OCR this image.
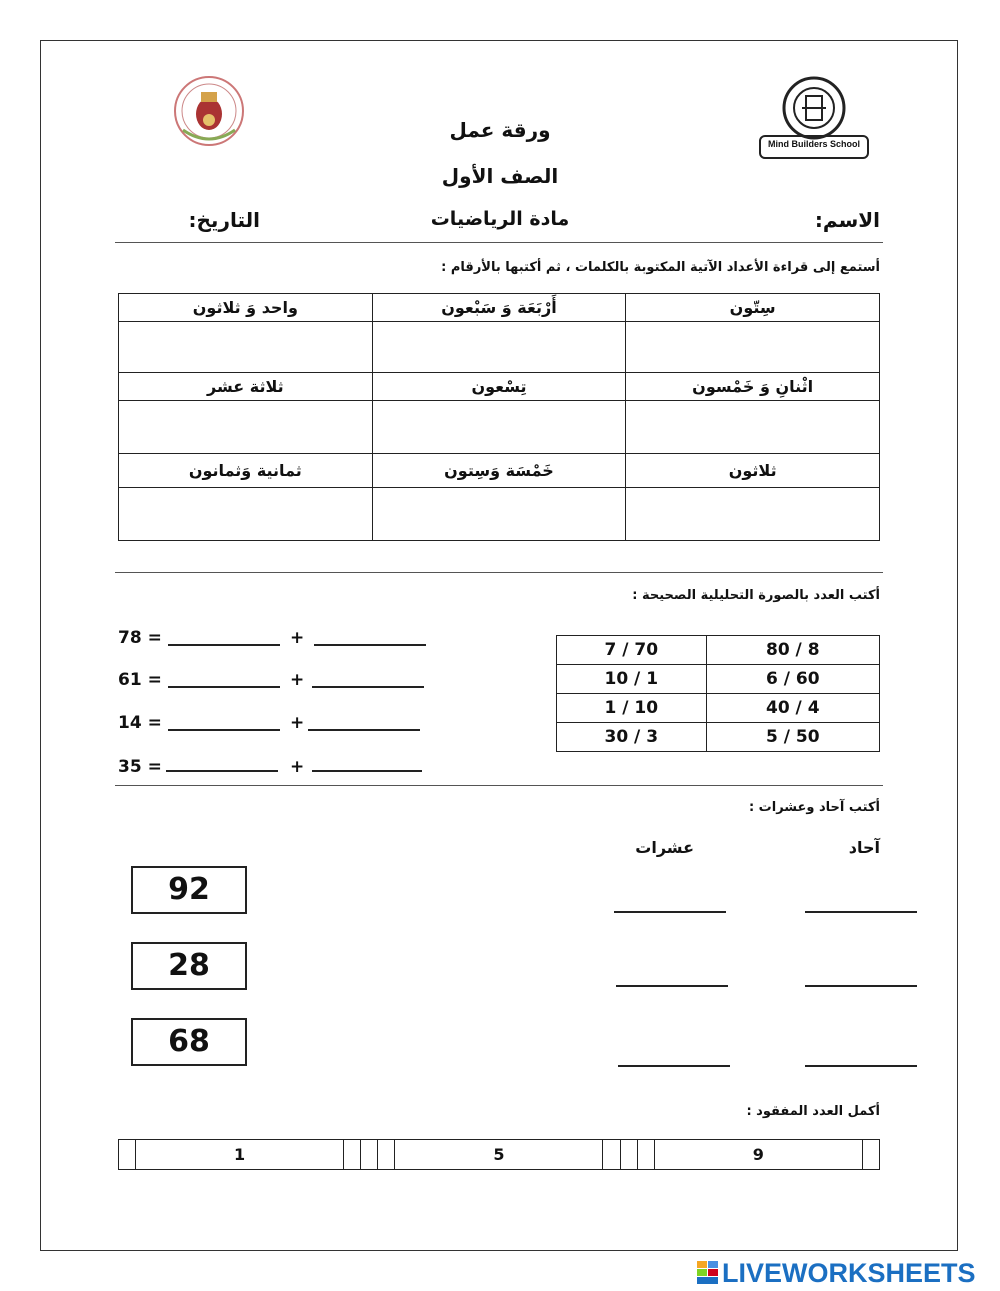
Mind Builders School
ورقة عمل
الصف الأول
الاسم:
مادة الرياضيات
التاريخ:
أستمع إلى قراءة الأعداد الآتية المكتوبة بالكلمات ، ثم أكتبها بالأرقام :
واحد وَ ثلاثون	أَرْبَعَة وَ سَبْعون	سِتّون

ثلاثة عشر	تِسْعون	اثْنانِ وَ خَمْسون

ثمانية وَثمانون	خَمْسَة وَسِتون	ثلاثون

أكتب العدد بالصورة التحليلية الصحيحة :
78 =	+
61 =	+
14 =	+
35 =	+
7 / 70	80 / 8
10 / 1	6 / 60
1 / 10	40 / 4
30 / 3	5 / 50
أكتب آحاد وعشرات :
آحاد
عشرات
92
28
68
أكمل العدد المفقود :
	1				5				9	
LIVEWORKSHEETS
